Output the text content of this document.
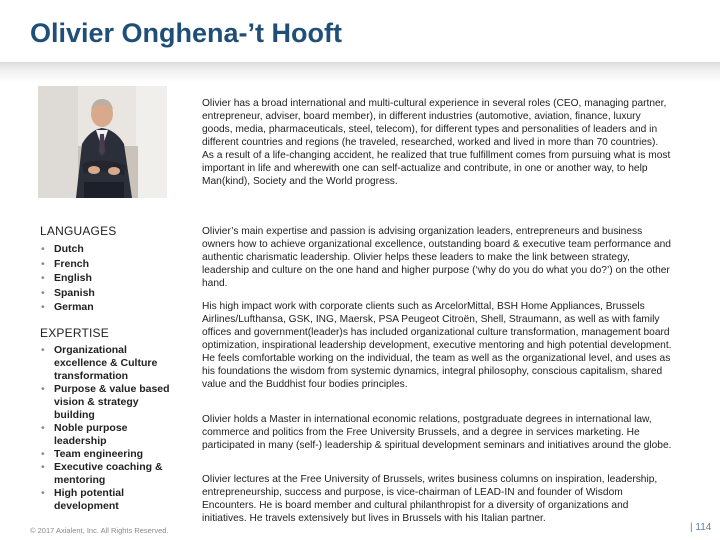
Olivier Onghena-’t Hooft
LANGUAGES
• Dutch
• French
• English
• Spanish
• German
EXPERTISE
• Organizational excellence & Culture transformation
• Purpose & value based vision & strategy building
• Noble purpose leadership
• Team engineering
• Executive coaching & mentoring
• High potential development

Olivier has a broad international and multi-cultural experience in several roles (CEO, managing partner, entrepreneur, adviser, board member), in different industries (automotive, aviation, finance, luxury goods, media, pharmaceuticals, steel, telecom), for different types and personalities of leaders and in different countries and regions (he traveled, researched, worked and lived in more than 70 countries). As a result of a life-changing accident, he realized that true fulfillment comes from pursuing what is most important in life and wherewith one can self-actualize and contribute, in one or another way, to help Man(kind), Society and the World progress.

Olivier’s main expertise and passion is advising organization leaders, entrepreneurs and business owners how to achieve organizational excellence, outstanding board & executive team performance and authentic charismatic leadership. Olivier helps these leaders to make the link between strategy, leadership and culture on the one hand and higher purpose (‘why do you do what you do?’) on the other hand.

His high impact work with corporate clients such as ArcelorMittal, BSH Home Appliances, Brussels Airlines/Lufthansa, GSK, ING, Maersk, PSA Peugeot Citroën, Shell, Straumann, as well as with family offices and government(leader)s has included organizational culture transformation, management board optimization, inspirational leadership development, executive mentoring and high potential development. He feels comfortable working on the individual, the team as well as the organizational level, and uses as his foundations the wisdom from systemic dynamics, integral philosophy, conscious capitalism, shared value and the Buddhist four bodies principles.

Olivier holds a Master in international economic relations, postgraduate degrees in international law, commerce and politics from the Free University Brussels, and a degree in services marketing. He participated in many (self-) leadership & spiritual development seminars and initiatives around the globe.

Olivier lectures at the Free University of Brussels, writes business columns on inspiration, leadership, entrepreneurship, success and purpose, is vice-chairman of LEAD-IN and founder of Wisdom Encounters. He is board member and cultural philanthropist for a diversity of organizations and initiatives. He travels extensively but lives in Brussels with his Italian partner.

© 2017 Axialent, Inc. All Rights Reserved.	| 114
